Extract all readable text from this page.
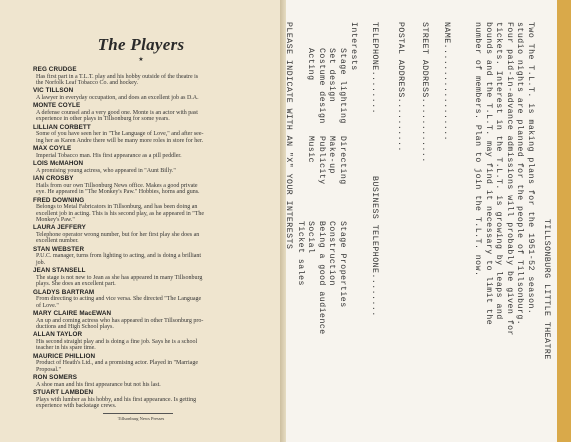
The Players
★
REG CRUDGE
Has first part in a T.L.T. play and his hobby outside of the theatre is
the Norfolk Leaf Tobacco Co. and hockey.
VIC TILLSON
A lawyer in everyday occupation, and does an excellent job as D.A.
MONTE COYLE
A defense counsel and a very good one. Monte is an actor with past
experience in other plays in Tillsonburg for some years.
LILLIAN CORBETT
Some of you have seen her in "The Language of Love," and after see-
ing her as Karen Andre there will be many more roles in store for her.
MAX COYLE
Imperial Tobacco man. His first appearance as a pill peddler.
LOIS McMAHON
A promising young actress, who appeared in "Aunt Billy."
IAN CROSBY
Hails from our own Tillsonburg News office. Makes a good private
eye. He appeared in "The Monkey's Paw." Hobbies, horns and guns.
FRED DOWNING
Belongs to Metal Fabricators in Tillsonburg, and has been doing an
excellent job in acting. This is his second play, as he appeared in "The
Monkey's Paw."
LAURA JEFFERY
Telephone operator wrong number, but for her first play she does an
excellent number.
STAN WEBSTER
P.U.C. manager, turns from lighting to acting, and is doing a brilliant
job.
JEAN STANSELL
The stage is not new to Jean as she has appeared in many Tillsonburg
plays. She does an excellent part.
GLADYS BARTRAM
From directing to acting and vice versa. She directed "The Language
of Love."
MARY CLAIRE MacEWAN
An up and coming actress who has appeared in other Tillsonburg pro-
ductions and High School plays.
ALLAN TAYLOR
His second straight play and is doing a fine job. Says he is a school
teacher in his spare time.
MAURICE PHILLION
Product of Heath's Ltd., and a promising actor. Played in "Marriage
Proposal."
RON SOMERS
A shoe man and his first appearance but not his last.
STUART LAMBDEN
Plays with lumber as his hobby, and his first appearance. Is getting
experience with backstage crews.
Tillsonburg News Presses
TILLSONBURG LITTLE THEATRE
Two The T.L.T. is making plans for the 1951-52 season.
studio nights are planned for the people of Tillsonburg.
Four paid-in-advance admissions will probably be given for
tickets. Interest in the T.L.T. is growing by leaps and
bounds and the T.L.T. may find it necessary to limit the
number of members. Plan to join the T.L.T. now.
NAME..................
STREET ADDRESS............
POSTAL ADDRESS..........
TELEPHONE........
BUSINESS TELEPHONE........
Interests
Stage lighting
Set design
Costume design
Acting
Directing
Make-up
Publicity
Music
Stage Properties
Construction
Being a good audience
Social
Ticket sales
PLEASE INDICATE WITH AN "X" YOUR INTERESTS
